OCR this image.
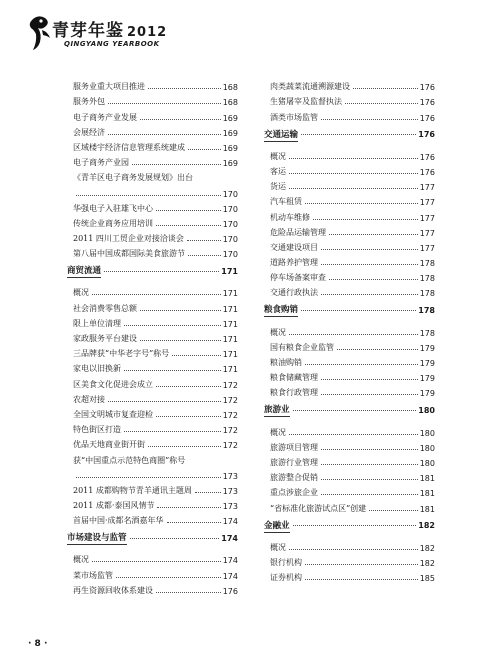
青芽年鉴 2012
QINGYANG YEARBOOK
服务业重大项目推进	168
服务外包	168
电子商务产业发展	169
会展经济	169
区域楼宇经济信息管理系统建成	169
电子商务产业园	169
《青羊区电子商务发展规划》出台
170
华强电子入驻雄飞中心	170
传统企业商务应用培训	170
2011 四川工贸企业对接洽谈会	170
第八届中国成都国际美食旅游节	170
商贸流通	171
概况	171
社会消费零售总额	171
限上单位清理	171
家政服务平台建设	171
三品牌获“中华老字号”称号	171
家电以旧换新	171
区美食文化促进会成立	172
农超对接	172
全国文明城市复查迎检	172
特色街区打造	172
优品天地商业街开街	172
获“中国重点示范特色商圈”称号
173
2011 成都购物节青羊通讯主题周	173
2011 成都·泰国风情节	173
首届中国·成都名酒嘉年华	174
市场建设与监管	174
概况	174
菜市场监管	174
再生资源回收体系建设	176
肉类蔬菜流通溯源建设	176
生猪屠宰及监督执法	176
酒类市场监管	176
交通运输	176
概况	176
客运	176
货运	177
汽车租赁	177
机动车维修	177
危险品运输管理	177
交通建设项目	177
道路养护管理	178
停车场备案审查	178
交通行政执法	178
粮食购销	178
概况	178
国有粮食企业监管	179
粮油购销	179
粮食储藏管理	179
粮食行政管理	179
旅游业	180
概况	180
旅游项目管理	180
旅游行业管理	180
旅游整合促销	181
重点涉旅企业	181
“省标准化旅游试点区”创建	181
金融业	182
概况	182
银行机构	182
证券机构	185
· 8 ·
